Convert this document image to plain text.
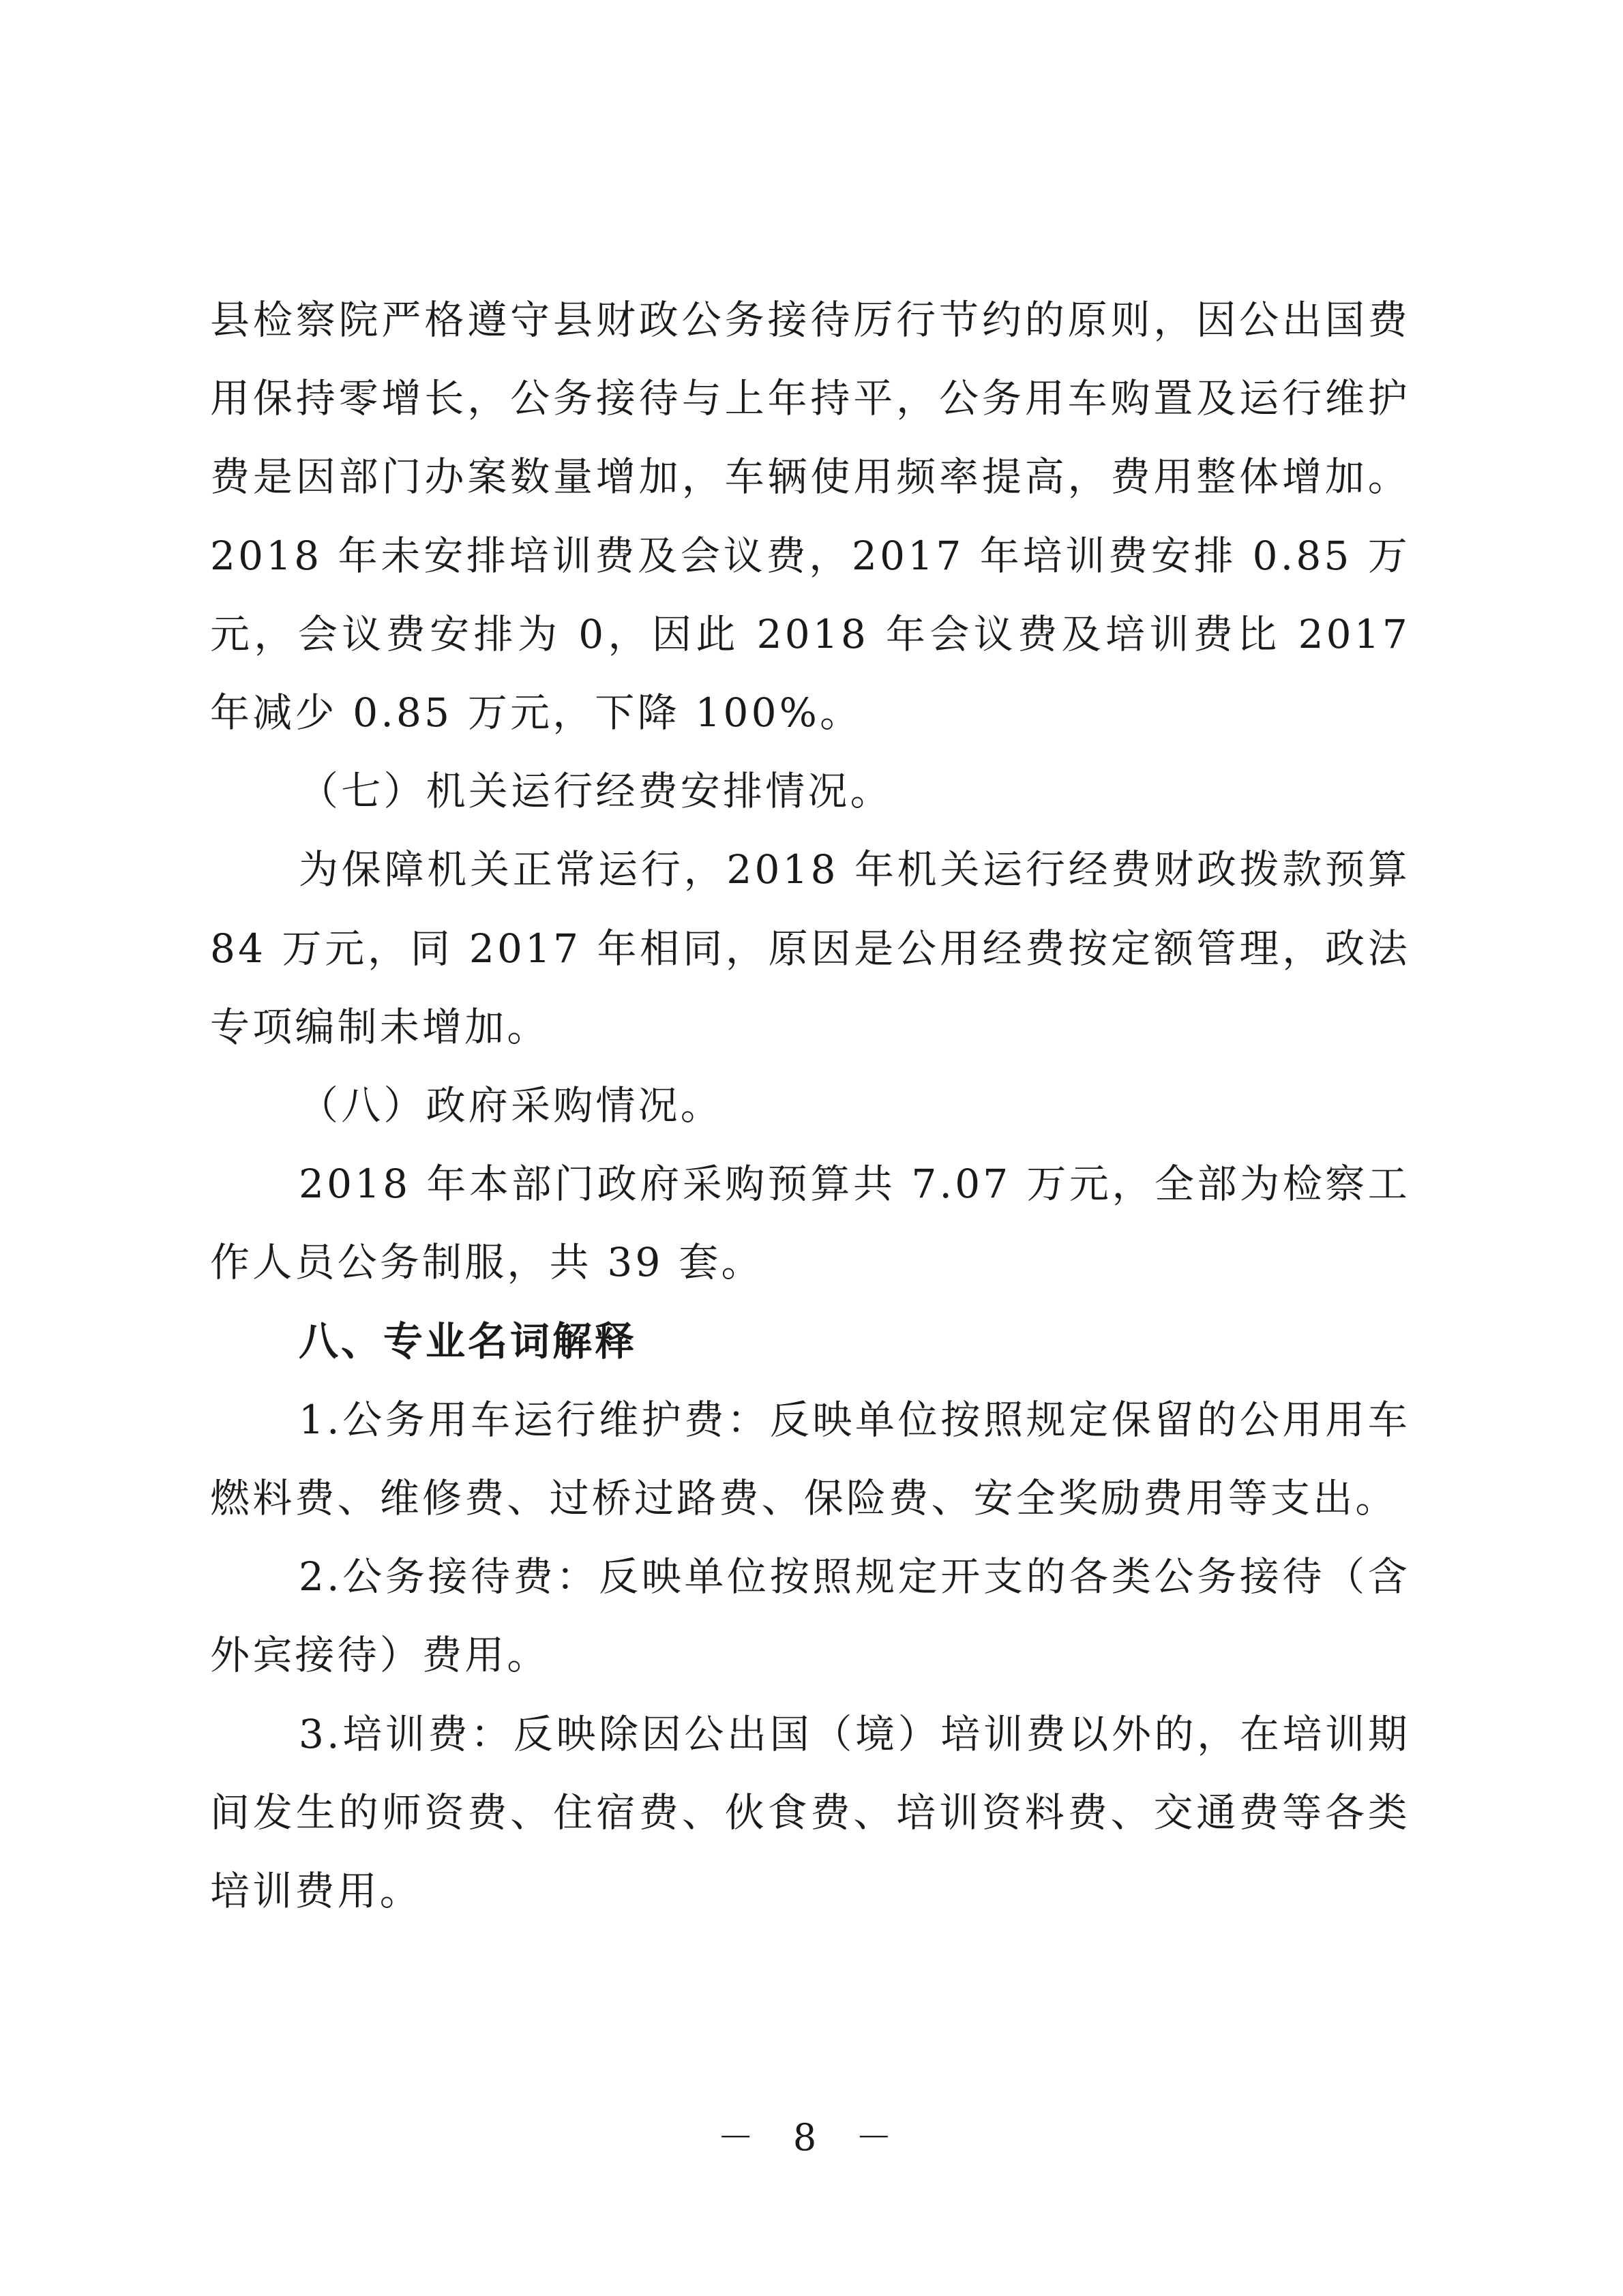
县检察院严格遵守县财政公务接待厉行节约的原则，因公出国费用保持零增长，公务接待与上年持平，公务用车购置及运行维护费是因部门办案数量增加，车辆使用频率提高，费用整体增加。2018 年未安排培训费及会议费，2017 年培训费安排 0.85 万元，会议费安排为 0，因此 2018 年会议费及培训费比 2017 年减少 0.85 万元，下降 100%。

（七）机关运行经费安排情况。

为保障机关正常运行，2018 年机关运行经费财政拨款预算 84 万元，同 2017 年相同，原因是公用经费按定额管理，政法专项编制未增加。

（八）政府采购情况。

2018 年本部门政府采购预算共 7.07 万元，全部为检察工作人员公务制服，共 39 套。

八、专业名词解释

1.公务用车运行维护费：反映单位按照规定保留的公用用车燃料费、维修费、过桥过路费、保险费、安全奖励费用等支出。

2.公务接待费：反映单位按照规定开支的各类公务接待（含外宾接待）费用。

3.培训费：反映除因公出国（境）培训费以外的，在培训期间发生的师资费、住宿费、伙食费、培训资料费、交通费等各类培训费用。

－ 8 －
